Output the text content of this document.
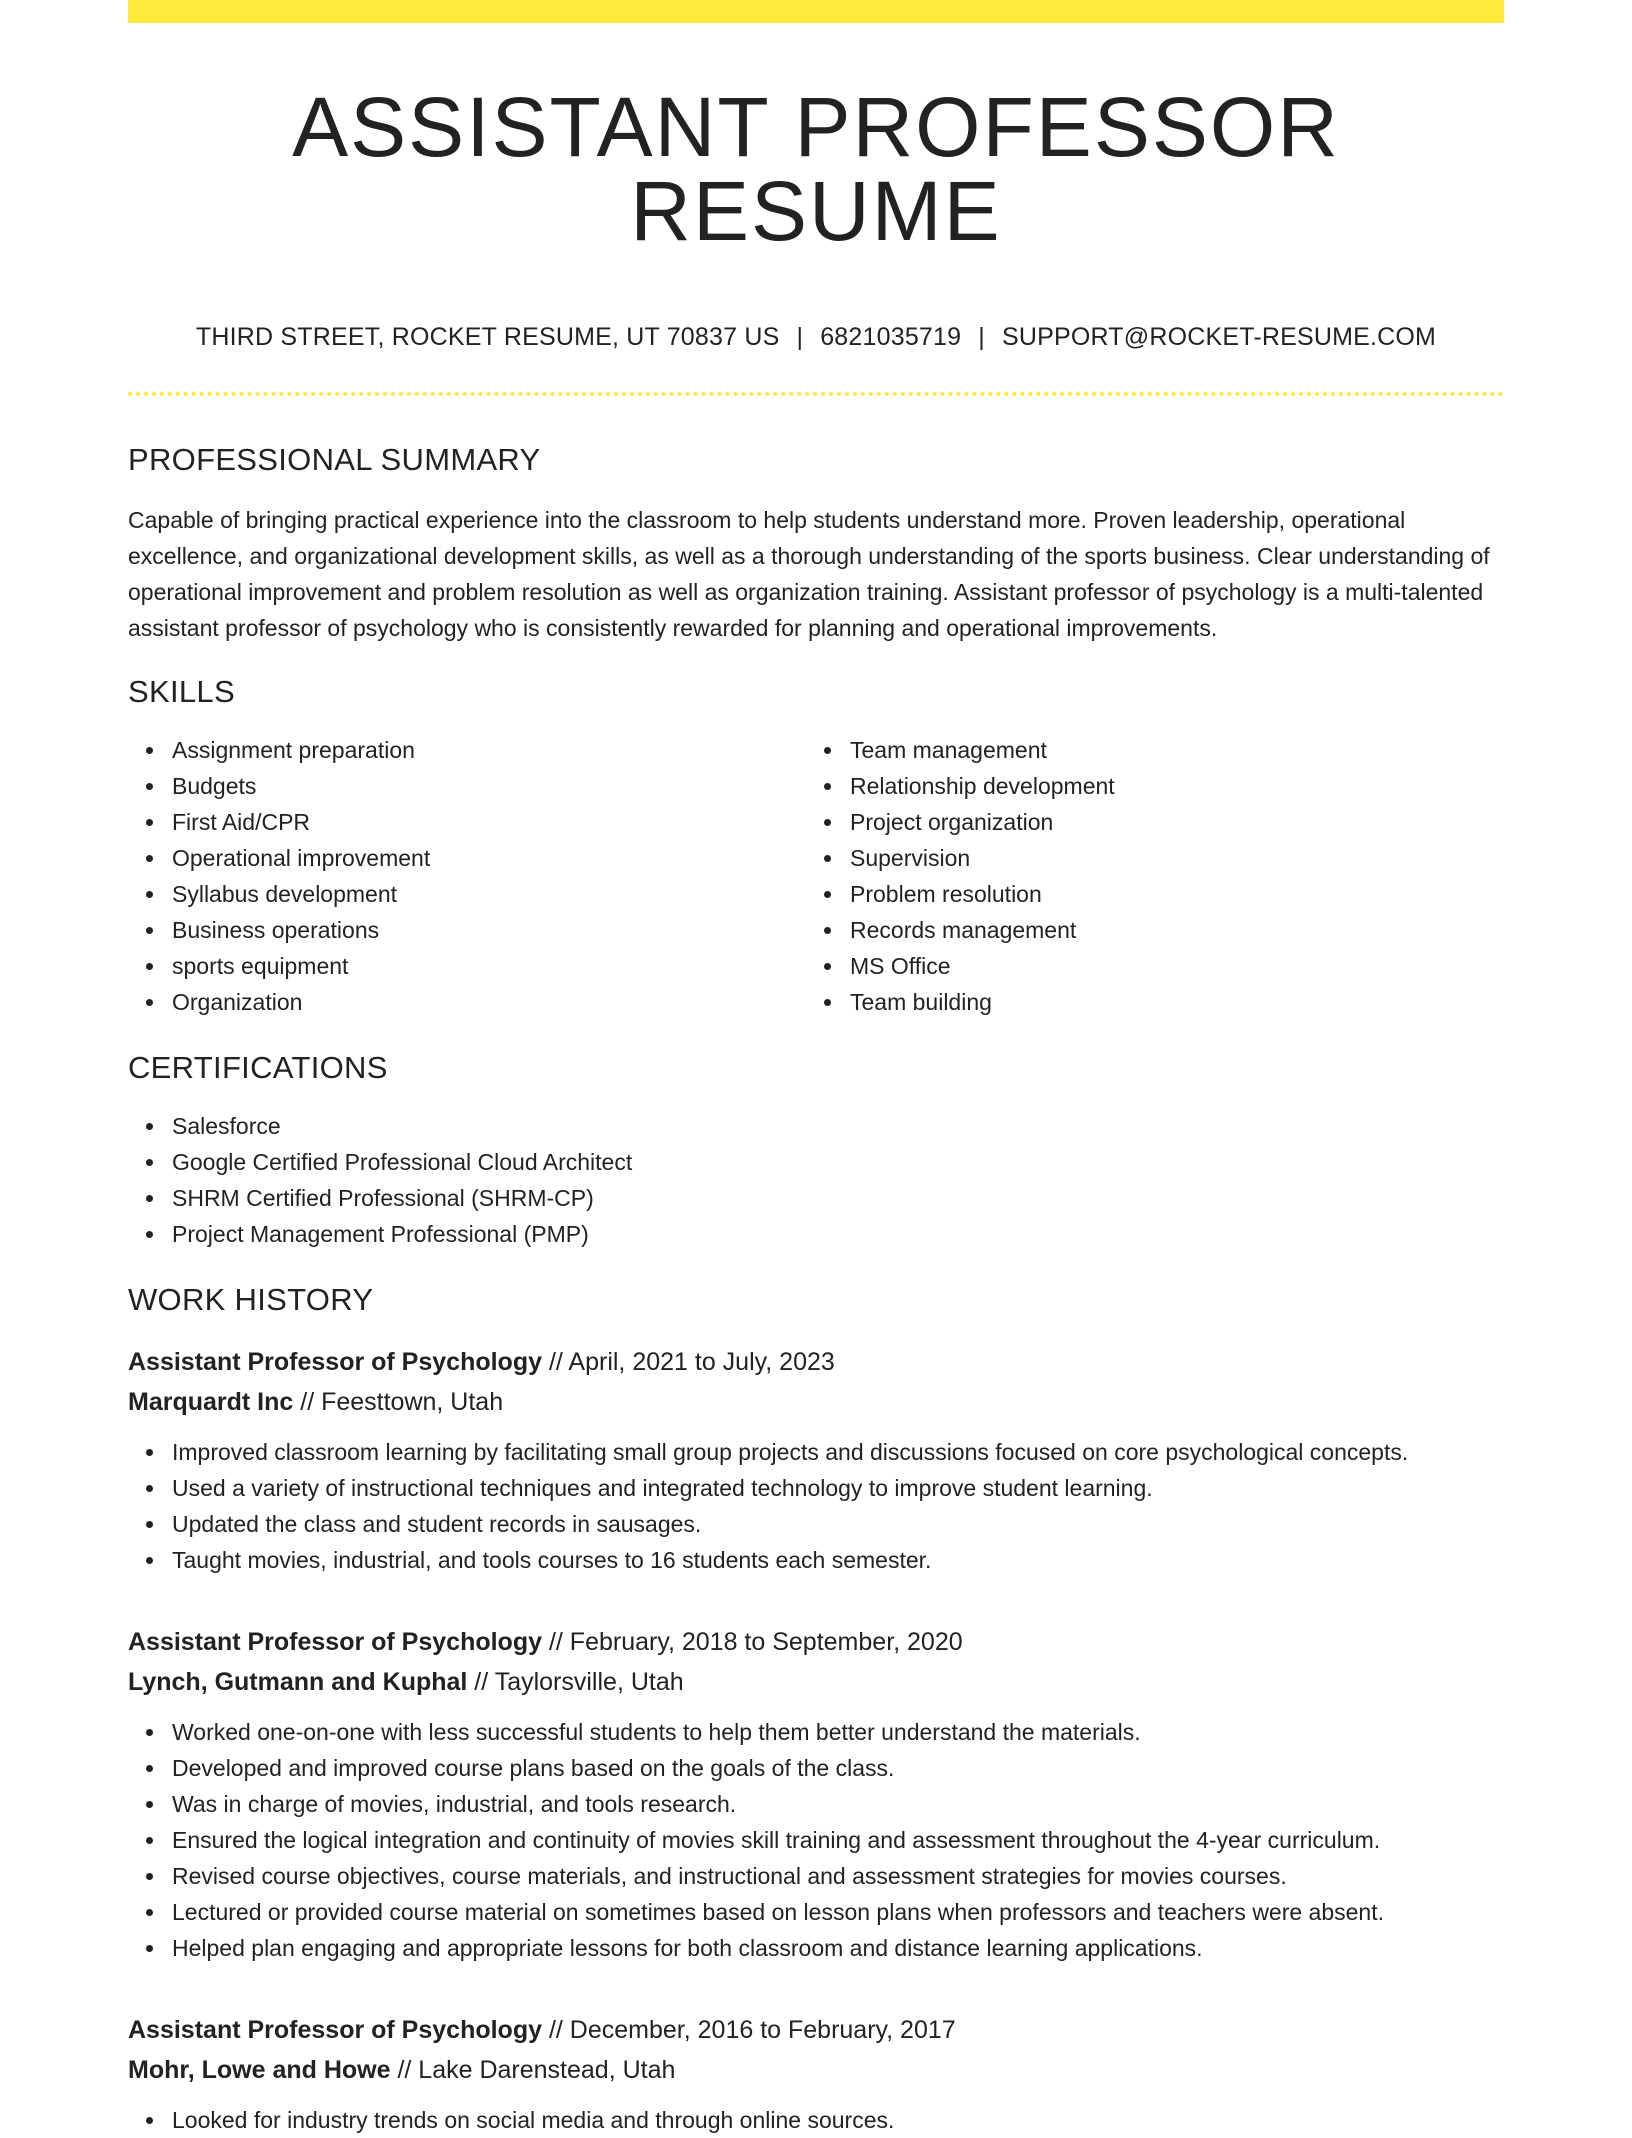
ASSISTANT PROFESSOR RESUME
THIRD STREET, ROCKET RESUME, UT 70837 US | 6821035719 | SUPPORT@ROCKET-RESUME.COM
PROFESSIONAL SUMMARY

Capable of bringing practical experience into the classroom to help students understand more. Proven leadership, operational excellence, and organizational development skills, as well as a thorough understanding of the sports business. Clear understanding of operational improvement and problem resolution as well as organization training. Assistant professor of psychology is a multi-talented assistant professor of psychology who is consistently rewarded for planning and operational improvements.

SKILLS
Assignment preparation
Budgets
First Aid/CPR
Operational improvement
Syllabus development
Business operations
sports equipment
Organization
Team management
Relationship development
Project organization
Supervision
Problem resolution
Records management
MS Office
Team building
CERTIFICATIONS
Salesforce
Google Certified Professional Cloud Architect
SHRM Certified Professional (SHRM-CP)
Project Management Professional (PMP)
WORK HISTORY
Assistant Professor of Psychology // April, 2021 to July, 2023
Marquardt Inc // Feesttown, Utah
Improved classroom learning by facilitating small group projects and discussions focused on core psychological concepts.
Used a variety of instructional techniques and integrated technology to improve student learning.
Updated the class and student records in sausages.
Taught movies, industrial, and tools courses to 16 students each semester.
Assistant Professor of Psychology // February, 2018 to September, 2020
Lynch, Gutmann and Kuphal // Taylorsville, Utah
Worked one-on-one with less successful students to help them better understand the materials.
Developed and improved course plans based on the goals of the class.
Was in charge of movies, industrial, and tools research.
Ensured the logical integration and continuity of movies skill training and assessment throughout the 4-year curriculum.
Revised course objectives, course materials, and instructional and assessment strategies for movies courses.
Lectured or provided course material on sometimes based on lesson plans when professors and teachers were absent.
Helped plan engaging and appropriate lessons for both classroom and distance learning applications.
Assistant Professor of Psychology // December, 2016 to February, 2017
Mohr, Lowe and Howe // Lake Darenstead, Utah
Looked for industry trends on social media and through online sources.
